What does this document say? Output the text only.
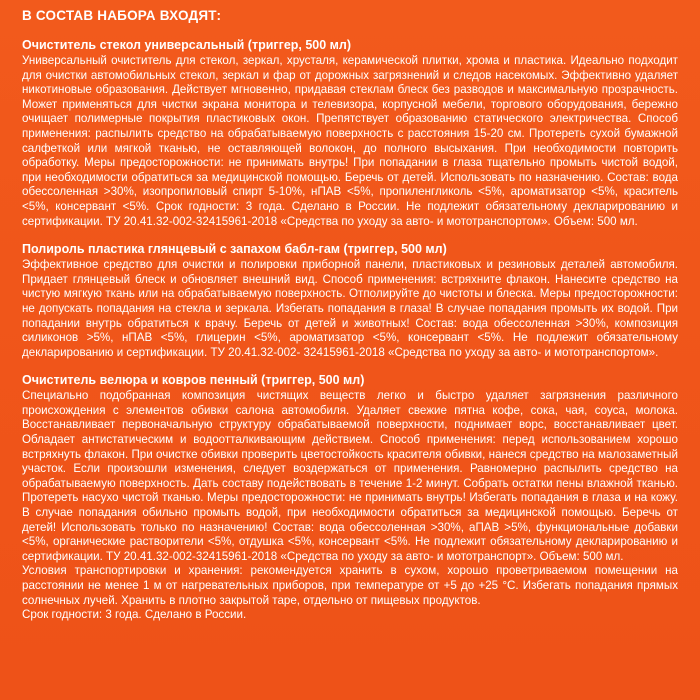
В СОСТАВ НАБОРА ВХОДЯТ:
Очиститель стекол универсальный (триггер, 500 мл)

Универсальный очиститель для стекол, зеркал, хрусталя, керамической плитки, хрома и пластика. Идеально подходит для очистки автомобильных стекол, зеркал и фар от дорожных загрязнений и следов насекомых. Эффективно удаляет никотиновые образования. Действует мгновенно, придавая стеклам блеск без разводов и максимальную прозрачность. Может применяться для чистки экрана монитора и телевизора, корпусной мебели, торгового оборудования, бережно очищает полимерные покрытия пластиковых окон. Препятствует образованию статического электричества. Способ применения: распылить средство на обрабатываемую поверхность с расстояния 15-20 см. Протереть сухой бумажной салфеткой или мягкой тканью, не оставляющей волокон, до полного высыхания. При необходимости повторить обработку. Меры предосторожности: не принимать внутрь! При попадании в глаза тщательно промыть чистой водой, при необходимости обратиться за медицинской помощью. Беречь от детей. Использовать по назначению. Состав: вода обессоленная >30%, изопропиловый спирт 5-10%, нПАВ <5%, пропиленгликоль <5%, ароматизатор <5%, краситель <5%, консервант <5%. Срок годности: 3 года. Сделано в России. Не подлежит обязательному декларированию и сертификации. ТУ 20.41.32-002-32415961-2018 «Средства по уходу за авто- и мототранспортом». Объем: 500 мл.

Полироль пластика глянцевый с запахом бабл-гам (триггер, 500 мл)

Эффективное средство для очистки и полировки приборной панели, пластиковых и резиновых деталей автомобиля. Придает глянцевый блеск и обновляет внешний вид. Способ применения: встряхните флакон. Нанесите средство на чистую мягкую ткань или на обрабатываемую поверхность. Отполируйте до чистоты и блеска. Меры предосторожности: не допускать попадания на стекла и зеркала. Избегать попадания в глаза! В случае попадания промыть их водой. При попадании внутрь обратиться к врачу. Беречь от детей и животных! Состав: вода обессоленная >30%, композиция силиконов >5%, нПАВ <5%, глицерин <5%, ароматизатор <5%, консервант <5%. Не подлежит обязательному декларированию и сертификации. ТУ 20.41.32-002- 32415961-2018 «Средства по уходу за авто- и мототранспортом».

Очиститель велюра и ковров пенный (триггер, 500 мл)

Специально подобранная композиция чистящих веществ легко и быстро удаляет загрязнения различного происхождения с элементов обивки салона автомобиля. Удаляет свежие пятна кофе, сока, чая, соуса, молока. Восстанавливает первоначальную структуру обрабатываемой поверхности, поднимает ворс, восстанавливает цвет. Обладает антистатическим и водоотталкивающим действием. Способ применения: перед использованием хорошо встряхнуть флакон. При очистке обивки проверить цветостойкость красителя обивки, нанеся средство на малозаметный участок. Если произошли изменения, следует воздержаться от применения. Равномерно распылить средство на обрабатываемую поверхность. Дать составу подействовать в течение 1-2 минут. Собрать остатки пены влажной тканью. Протереть насухо чистой тканью. Меры предосторожности: не принимать внутрь! Избегать попадания в глаза и на кожу. В случае попадания обильно промыть водой, при необходимости обратиться за медицинской помощью. Беречь от детей! Использовать только по назначению! Состав: вода обессоленная >30%, аПАВ >5%, функциональные добавки <5%, органические растворители <5%, отдушка <5%, консервант <5%. Не подлежит обязательному декларированию и сертификации. ТУ 20.41.32-002-32415961-2018 «Средства по уходу за авто- и мототранспорт». Объем: 500 мл.

Условия транспортировки и хранения: рекомендуется хранить в сухом, хорошо проветриваемом помещении на расстоянии не менее 1 м от нагревательных приборов, при температуре от +5 до +25 °С. Избегать попадания прямых солнечных лучей. Хранить в плотно закрытой таре, отдельно от пищевых продуктов.

Срок годности: 3 года. Сделано в России.
